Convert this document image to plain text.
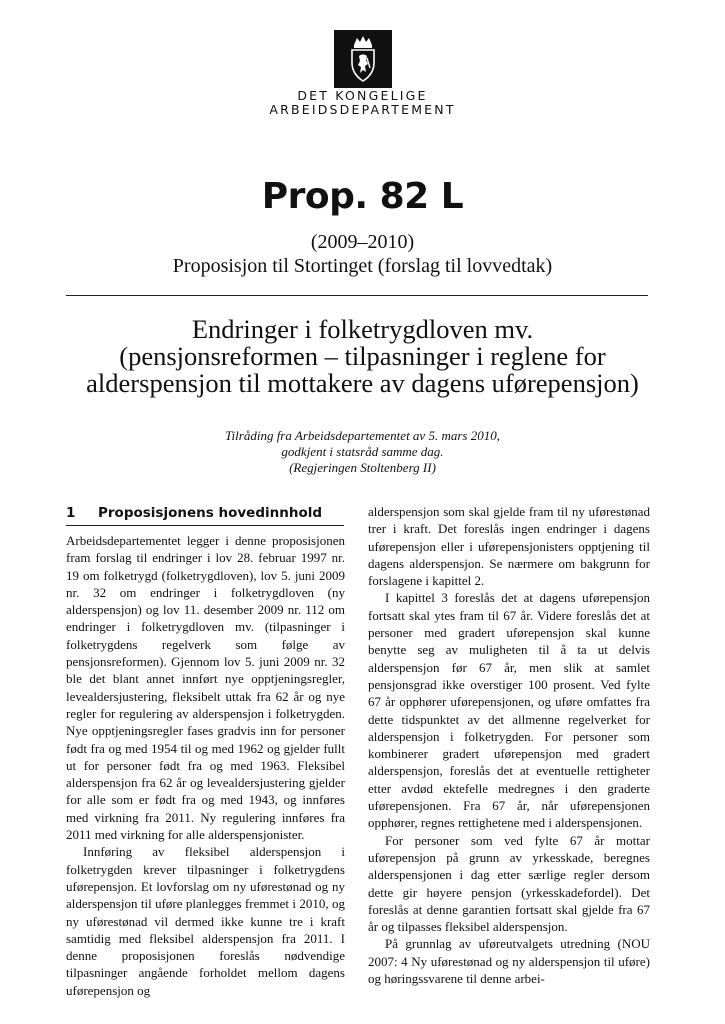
DET KONGELIGE
ARBEIDSDEPARTEMENT
Prop. 82 L
(2009–2010)
Proposisjon til Stortinget (forslag til lovvedtak)
Endringer i folketrygdloven mv.
(pensjonsreformen – tilpasninger i reglene for
alderspensjon til mottakere av dagens uførepensjon)
Tilråding fra Arbeidsdepartementet av 5. mars 2010,
godkjent i statsråd samme dag.
(Regjeringen Stoltenberg II)
1 Proposisjonens hovedinnhold

Arbeidsdepartementet legger i denne proposisjonen fram forslag til endringer i lov 28. februar 1997 nr. 19 om folketrygd (folketrygdloven), lov 5. juni 2009 nr. 32 om endringer i folketrygdloven (ny alderspensjon) og lov 11. desember 2009 nr. 112 om endringer i folketrygdloven mv. (tilpasninger i folketrygdens regelverk som følge av pensjonsreformen). Gjennom lov 5. juni 2009 nr. 32 ble det blant annet innført nye opptjeningsregler, levealdersjustering, fleksibelt uttak fra 62 år og nye regler for regulering av alderspensjon i folketrygden. Nye opptjeningsregler fases gradvis inn for personer født fra og med 1954 til og med 1962 og gjelder fullt ut for personer født fra og med 1963. Fleksibel alderspensjon fra 62 år og levealdersjustering gjelder for alle som er født fra og med 1943, og innføres med virkning fra 2011. Ny regulering innføres fra 2011 med virkning for alle alderspensjonister.

Innføring av fleksibel alderspensjon i folketrygden krever tilpasninger i folketrygdens uførepensjon. Et lovforslag om ny uførestønad og ny alderspensjon til uføre planlegges fremmet i 2010, og ny uførestønad vil dermed ikke kunne tre i kraft samtidig med fleksibel alderspensjon fra 2011. I denne proposisjonen foreslås nødvendige tilpasninger angående forholdet mellom dagens uførepensjon og

alderspensjon som skal gjelde fram til ny uførestønad trer i kraft. Det foreslås ingen endringer i dagens uførepensjon eller i uførepensjonisters opptjening til dagens alderspensjon. Se nærmere om bakgrunn for forslagene i kapittel 2.

I kapittel 3 foreslås det at dagens uførepensjon fortsatt skal ytes fram til 67 år. Videre foreslås det at personer med gradert uførepensjon skal kunne benytte seg av muligheten til å ta ut delvis alderspensjon før 67 år, men slik at samlet pensjonsgrad ikke overstiger 100 prosent. Ved fylte 67 år opphører uførepensjonen, og uføre omfattes fra dette tidspunktet av det allmenne regelverket for alderspensjon i folketrygden. For personer som kombinerer gradert uførepensjon med gradert alderspensjon, foreslås det at eventuelle rettigheter etter avdød ektefelle medregnes i den graderte uførepensjonen. Fra 67 år, når uførepensjonen opphører, regnes rettighetene med i alderspensjonen.

For personer som ved fylte 67 år mottar uførepensjon på grunn av yrkesskade, beregnes alderspensjonen i dag etter særlige regler dersom dette gir høyere pensjon (yrkesskadefordel). Det foreslås at denne garantien fortsatt skal gjelde fra 67 år og tilpasses fleksibel alderspensjon.

På grunnlag av uføreutvalgets utredning (NOU 2007: 4 Ny uførestønad og ny alderspensjon til uføre) og høringssvarene til denne arbei-
